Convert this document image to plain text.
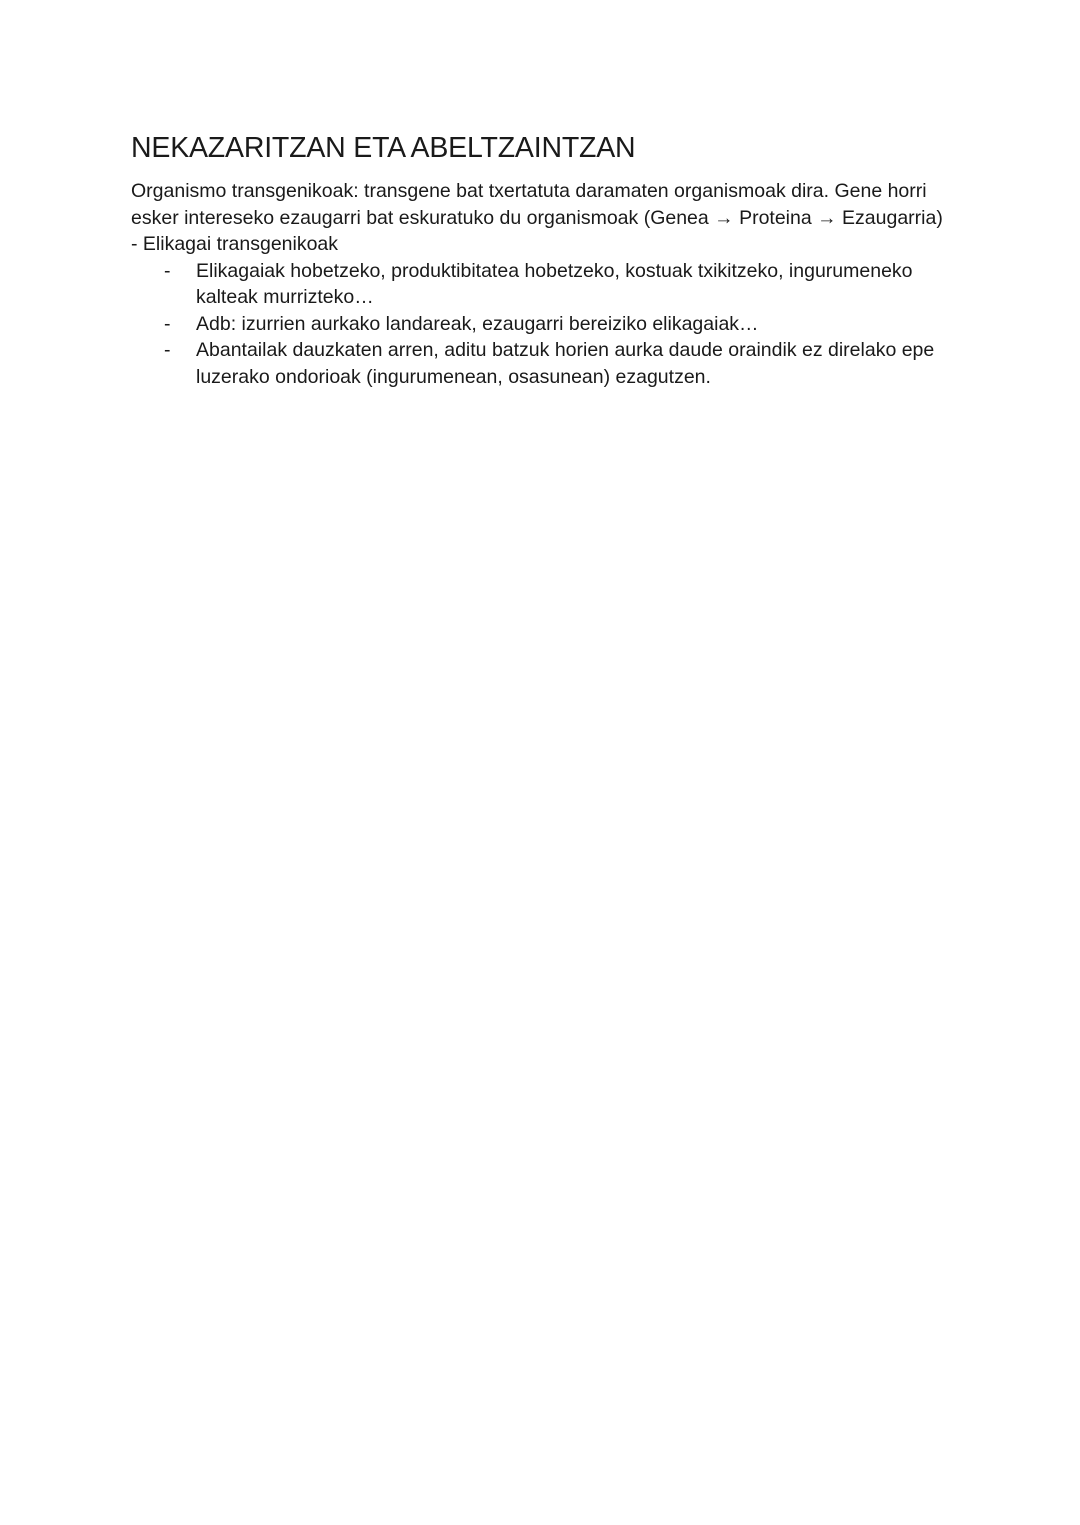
NEKAZARITZAN ETA ABELTZAINTZAN

Organismo transgenikoak: transgene bat txertatuta daramaten organismoak dira. Gene horri esker intereseko ezaugarri bat eskuratuko du organismoak (Genea → Proteina → Ezaugarria)

- Elikagai transgenikoak

- Elikagaiak hobetzeko, produktibitatea hobetzeko, kostuak txikitzeko, ingurumeneko kalteak murrizteko…
- Adb: izurrien aurkako landareak, ezaugarri bereiziko elikagaiak…
- Abantailak dauzkaten arren, aditu batzuk horien aurka daude oraindik ez direlako epe luzerako ondorioak (ingurumenean, osasunean) ezagutzen.
